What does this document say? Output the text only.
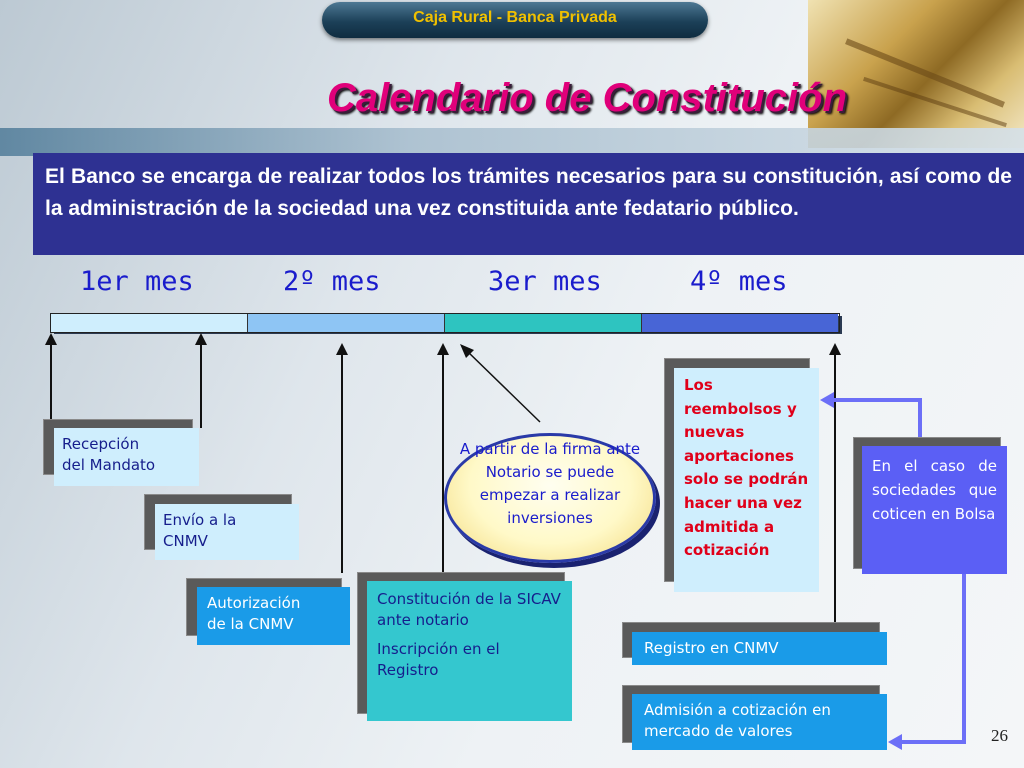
Caja Rural - Banca Privada
Calendario de Constitución
El Banco se encarga de realizar todos los trámites necesarios para su constitución, así como de la administración de la sociedad una vez constituida ante fedatario público.
1er mes	2º mes	3er mes	4º mes
Recepción
del Mandato
Envío a la
CNMV
Autorización
de la CNMV
Constitución de la SICAV ante notario
Inscripción en el Registro
A partir de la firma ante Notario se puede empezar a realizar inversiones
Los reembolsos y nuevas aportaciones solo se podrán hacer una vez admitida a cotización
En el caso de sociedades que coticen en Bolsa
Registro en CNMV
Admisión a cotización en mercado de valores	26
